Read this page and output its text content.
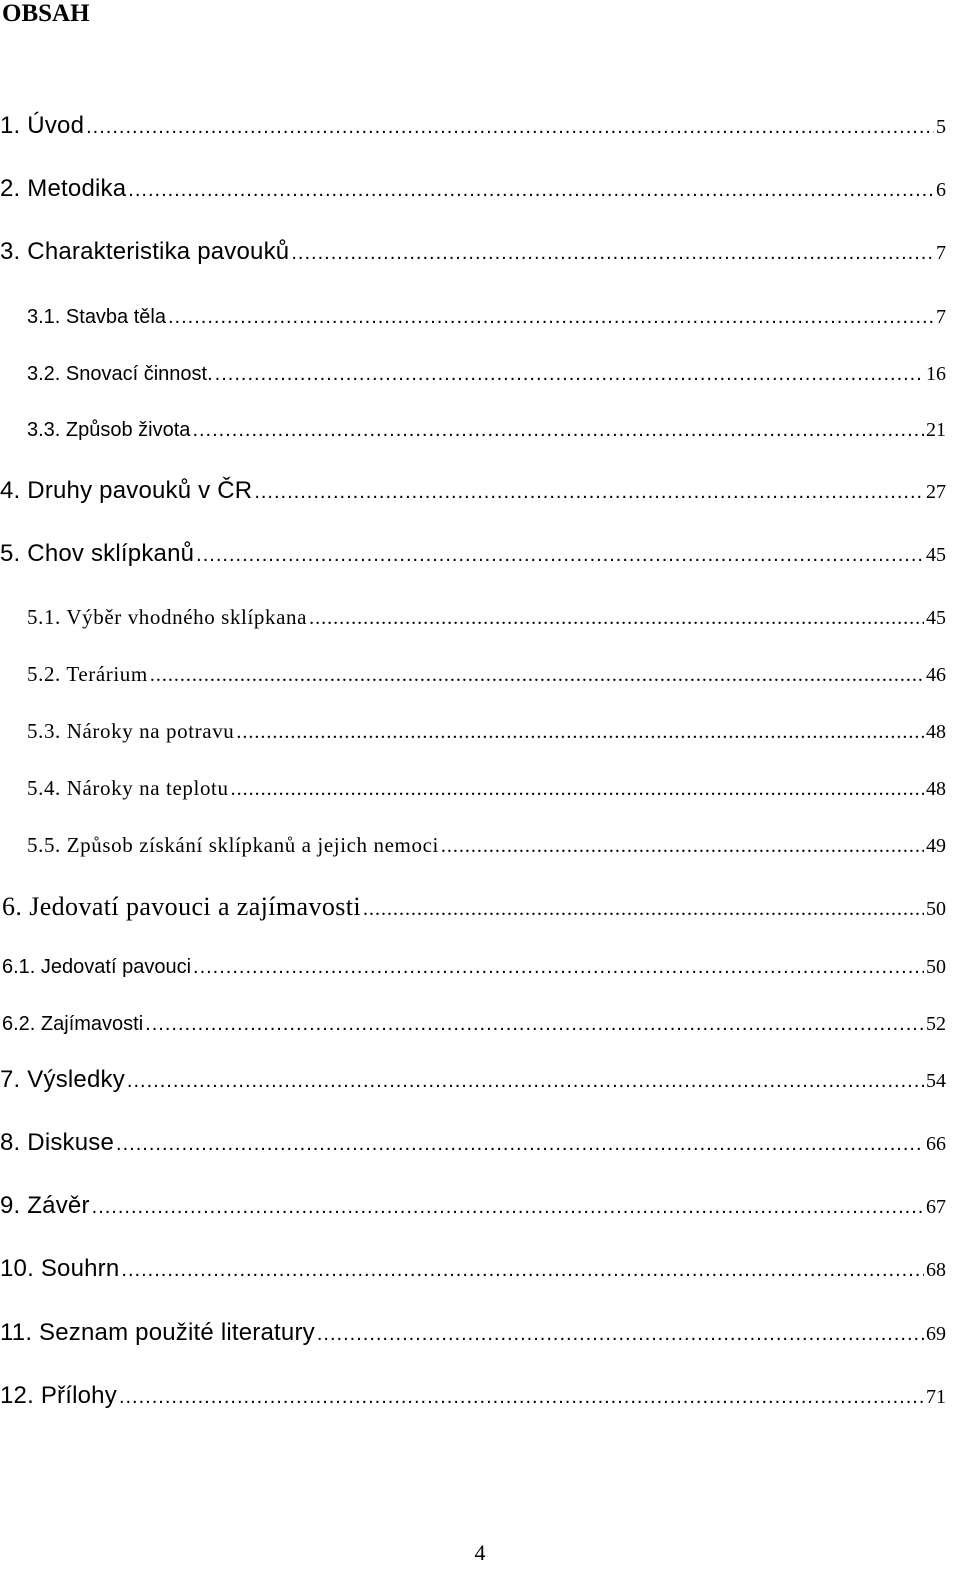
OBSAH
1. Úvod .....	5
2. Metodika .....	6
3. Charakteristika pavouků .....	7
3.1. Stavba těla .....	7
3.2. Snovací činnost. .....	16
3.3. Způsob života .....	21
4. Druhy pavouků v ČR .....	27
5. Chov sklípkanů .....	45
5.1. Výběr vhodného sklípkana .....	45
5.2. Terárium .....	46
5.3. Nároky na potravu .....	48
5.4. Nároky na teplotu .....	48
5.5. Způsob získání sklípkanů a jejich nemoci .....	49
6. Jedovatí pavouci a zajímavosti .....	50
6.1. Jedovatí pavouci .....	50
6.2. Zajímavosti .....	52
7. Výsledky .....	54
8. Diskuse .....	66
9. Závěr .....	67
10. Souhrn .....	68
11. Seznam použité literatury .....	69
12. Přílohy .....	71
4
